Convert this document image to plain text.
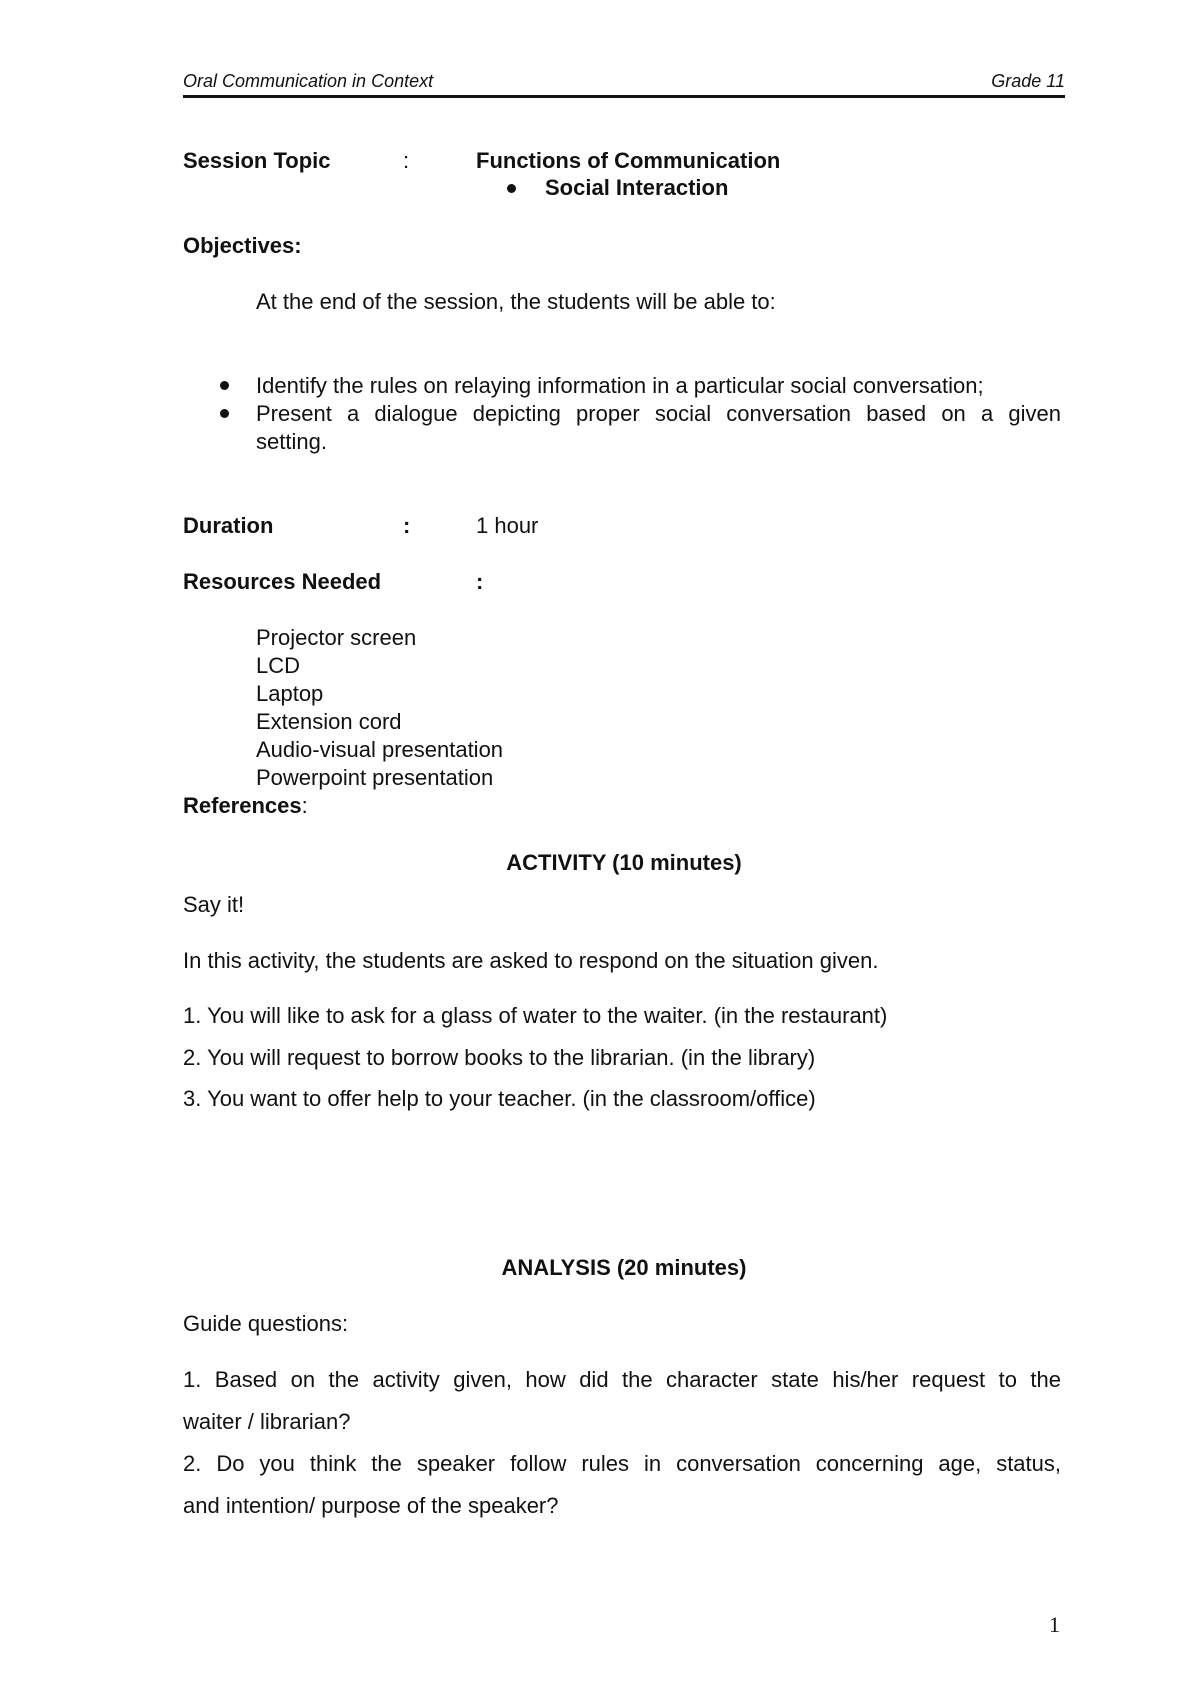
Oral Communication in Context	Grade 11
Session Topic	:	Functions of Communication
Social Interaction
Objectives:
At the end of the session, the students will be able to:
Identify the rules on relaying information in a particular social conversation;
Present a dialogue depicting proper social conversation based on a given
setting.
Duration	:	1 hour
Resources Needed	:
Projector screen
LCD
Laptop
Extension cord
Audio-visual presentation
Powerpoint presentation
References:
ACTIVITY (10 minutes)
Say it!
In this activity, the students are asked to respond on the situation given.
1. You will like to ask for a glass of water to the waiter. (in the restaurant)
2. You will request to borrow books to the librarian. (in the library)
3. You want to offer help to your teacher. (in the classroom/office)
ANALYSIS (20 minutes)
Guide questions:
1. Based on the activity given, how did the character state his/her request to the
waiter / librarian?
2. Do you think the speaker follow rules in conversation concerning age, status,
and intention/ purpose of the speaker?
1
